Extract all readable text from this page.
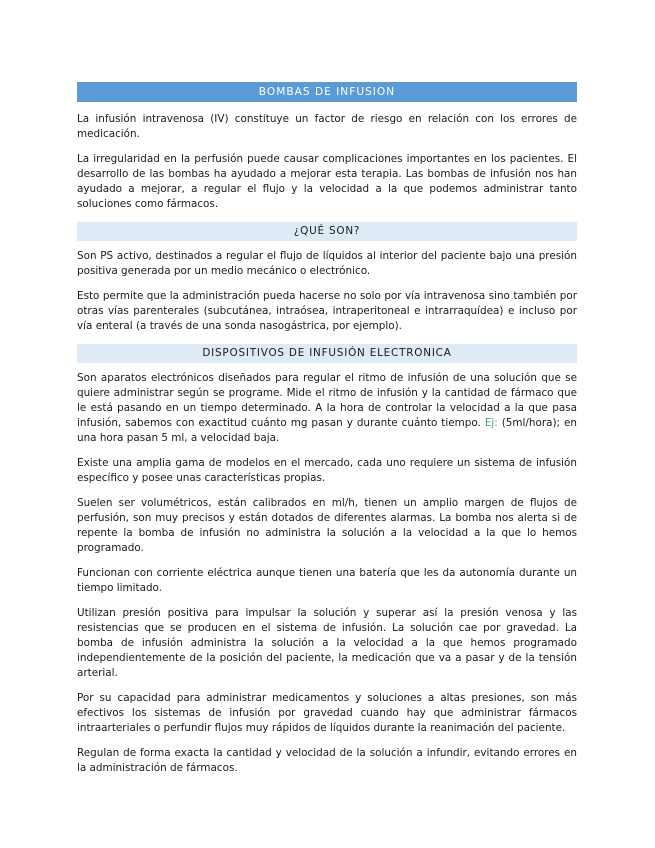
BOMBAS DE INFUSION

La infusión intravenosa (IV) constituye un factor de riesgo en relación con los errores de medicación.

La irregularidad en la perfusión puede causar complicaciones importantes en los pacientes. El desarrollo de las bombas ha ayudado a mejorar esta terapia. Las bombas de infusión nos han ayudado a mejorar, a regular el flujo y la velocidad a la que podemos administrar tanto soluciones como fármacos.

¿QUÉ SON?

Son PS activo, destinados a regular el flujo de líquidos al interior del paciente bajo una presión positiva generada por un medio mecánico o electrónico.

Esto permite que la administración pueda hacerse no solo por vía intravenosa sino también por otras vías parenterales (subcutánea, intraósea, intraperitoneal e intrarraquídea) e incluso por vía enteral (a través de una sonda nasogástrica, por ejemplo).

DISPOSITIVOS DE INFUSIÓN ELECTRONICA

Son aparatos electrónicos diseñados para regular el ritmo de infusión de una solución que se quiere administrar según se programe. Mide el ritmo de infusión y la cantidad de fármaco que le está pasando en un tiempo determinado. A la hora de controlar la velocidad a la que pasa infusión, sabemos con exactitud cuánto mg pasan y durante cuánto tiempo. Ej: (5ml/hora); en una hora pasan 5 ml, a velocidad baja.

Existe una amplia gama de modelos en el mercado, cada uno requiere un sistema de infusión específico y posee unas características propias.

Suelen ser volumétricos, están calibrados en ml/h, tienen un amplio margen de flujos de perfusión, son muy precisos y están dotados de diferentes alarmas. La bomba nos alerta si de repente la bomba de infusión no administra la solución a la velocidad a la que lo hemos programado.

Funcionan con corriente eléctrica aunque tienen una batería que les da autonomía durante un tiempo limitado.

Utilizan presión positiva para impulsar la solución y superar así la presión venosa y las resistencias que se producen en el sistema de infusión. La solución cae por gravedad. La bomba de infusión administra la solución a la velocidad a la que hemos programado independientemente de la posición del paciente, la medicación que va a pasar y de la tensión arterial.

Por su capacidad para administrar medicamentos y soluciones a altas presiones, son más efectivos los sistemas de infusión por gravedad cuando hay que administrar fármacos intraarteriales o perfundir flujos muy rápidos de líquidos durante la reanimación del paciente.

Regulan de forma exacta la cantidad y velocidad de la solución a infundir, evitando errores en la administración de fármacos.
